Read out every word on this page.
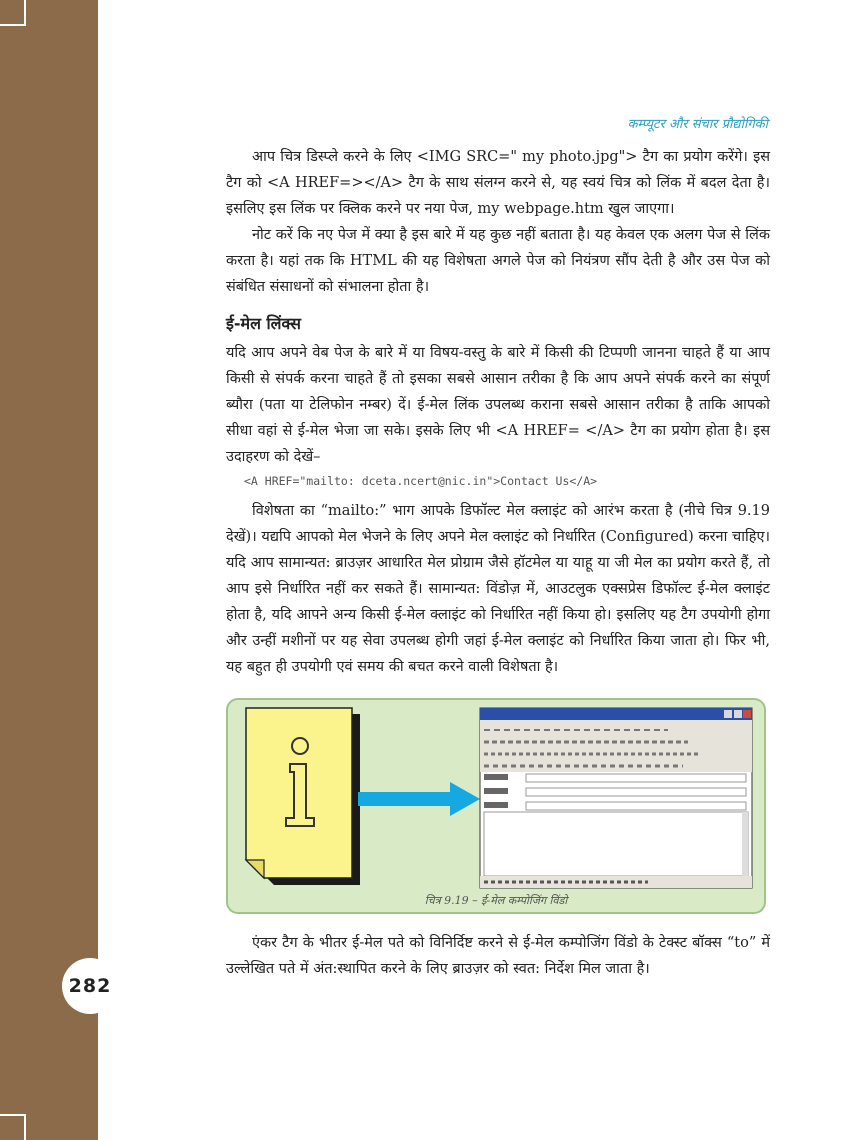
282
कम्प्यूटर और संचार प्रौद्योगिकी

आप चित्र डिस्प्ले करने के लिए <IMG SRC=" my photo.jpg"> टैग का प्रयोग करेंगे। इस टैग को <A HREF=></A> टैग के साथ संलग्न करने से, यह स्वयं चित्र को लिंक में बदल देता है। इसलिए इस लिंक पर क्लिक करने पर नया पेज, my webpage.htm खुल जाएगा।

नोट करें कि नए पेज में क्या है इस बारे में यह कुछ नहीं बताता है। यह केवल एक अलग पेज से लिंक करता है। यहां तक कि HTML की यह विशेषता अगले पेज को नियंत्रण सौंप देती है और उस पेज को संबंधित संसाधनों को संभालना होता है।

ई-मेल लिंक्स

यदि आप अपने वेब पेज के बारे में या विषय-वस्तु के बारे में किसी की टिप्पणी जानना चाहते हैं या आप किसी से संपर्क करना चाहते हैं तो इसका सबसे आसान तरीका है कि आप अपने संपर्क करने का संपूर्ण ब्यौरा (पता या टेलिफोन नम्बर) दें। ई-मेल लिंक उपलब्ध कराना सबसे आसान तरीका है ताकि आपको सीधा वहां से ई-मेल भेजा जा सके। इसके लिए भी <A HREF= </A> टैग का प्रयोग होता है। इस उदाहरण को देखें–

<A HREF="mailto: dceta.ncert@nic.in">Contact Us</A>

विशेषता का “mailto:” भाग आपके डिफॉल्ट मेल क्लाइंट को आरंभ करता है (नीचे चित्र 9.19 देखें)। यद्यपि आपको मेल भेजने के लिए अपने मेल क्लाइंट को निर्धारित (Configured) करना चाहिए। यदि आप सामान्यत: ब्राउज़र आधारित मेल प्रोग्राम जैसे हॉटमेल या याहू या जी मेल का प्रयोग करते हैं, तो आप इसे निर्धारित नहीं कर सकते हैं। सामान्यत: विंडोज़ में, आउटलुक एक्सप्रेस डिफॉल्ट ई-मेल क्लाइंट होता है, यदि आपने अन्य किसी ई-मेल क्लाइंट को निर्धारित नहीं किया हो। इसलिए यह टैग उपयोगी होगा और उन्हीं मशीनों पर यह सेवा उपलब्ध होगी जहां ई-मेल क्लाइंट को निर्धारित किया जाता हो। फिर भी, यह बहुत ही उपयोगी एवं समय की बचत करने वाली विशेषता है।

चित्र 9.19 – ई-मेल कम्पोजिंग विंडो

एंकर टैग के भीतर ई-मेल पते को विनिर्दिष्ट करने से ई-मेल कम्पोजिंग विंडो के टेक्स्ट बॉक्स “to” में उल्लेखित पते में अंत:स्थापित करने के लिए ब्राउज़र को स्वत: निर्देश मिल जाता है।
